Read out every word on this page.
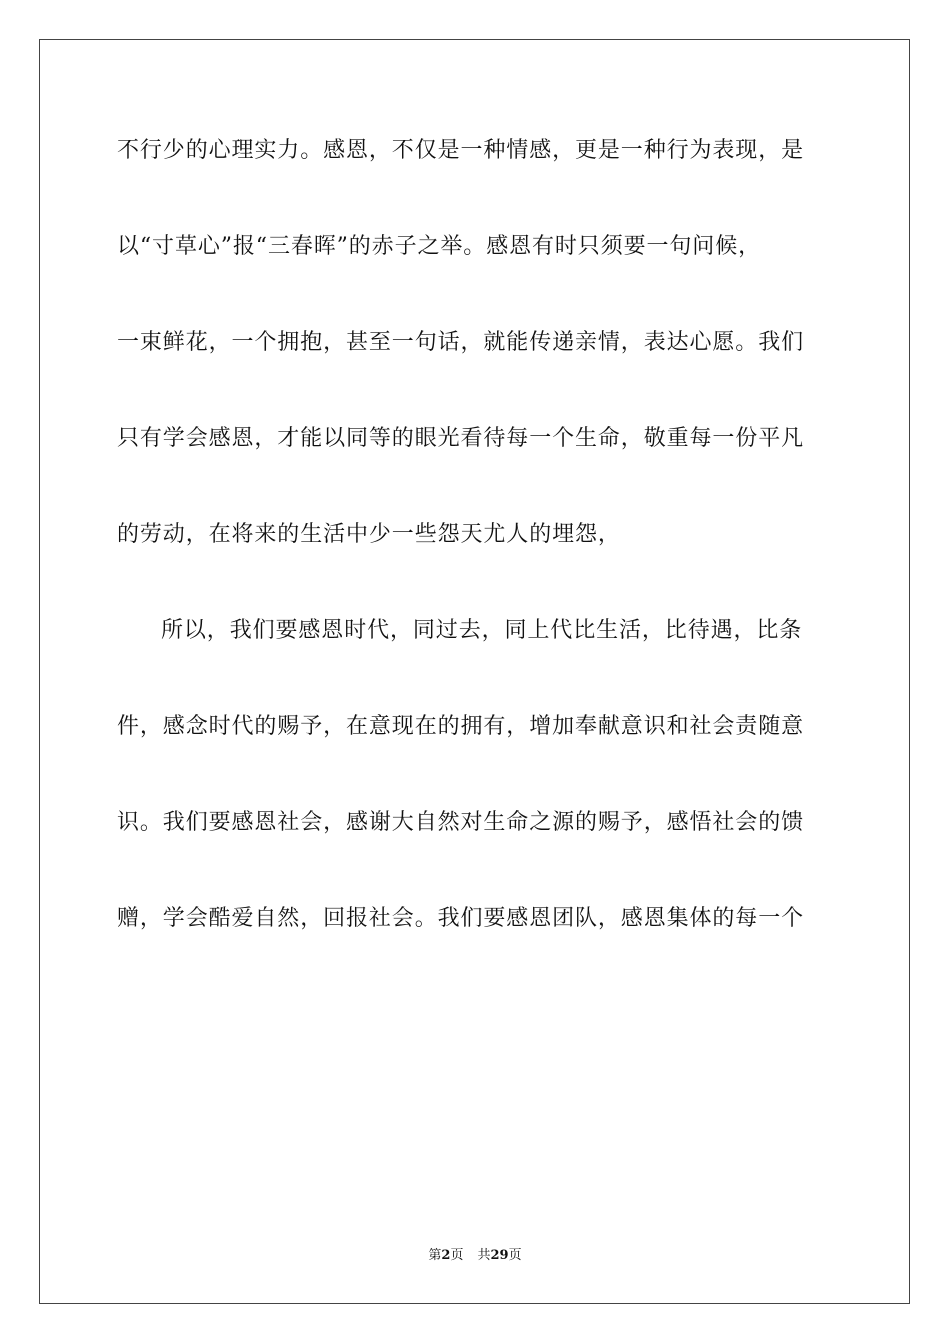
不行少的心理实力。感恩，不仅是一种情感，更是一种行为表现，是
以“寸草心”报“三春晖”的赤子之举。感恩有时只须要一句问候，
一束鲜花，一个拥抱，甚至一句话，就能传递亲情，表达心愿。我们
只有学会感恩，才能以同等的眼光看待每一个生命，敬重每一份平凡
的劳动，在将来的生活中少一些怨天尤人的埋怨，
所以，我们要感恩时代，同过去，同上代比生活，比待遇，比条
件，感念时代的赐予，在意现在的拥有，增加奉献意识和社会责随意
识。我们要感恩社会，感谢大自然对生命之源的赐予，感悟社会的馈
赠，学会酷爱自然，回报社会。我们要感恩团队，感恩集体的每一个
第2页 共29页
